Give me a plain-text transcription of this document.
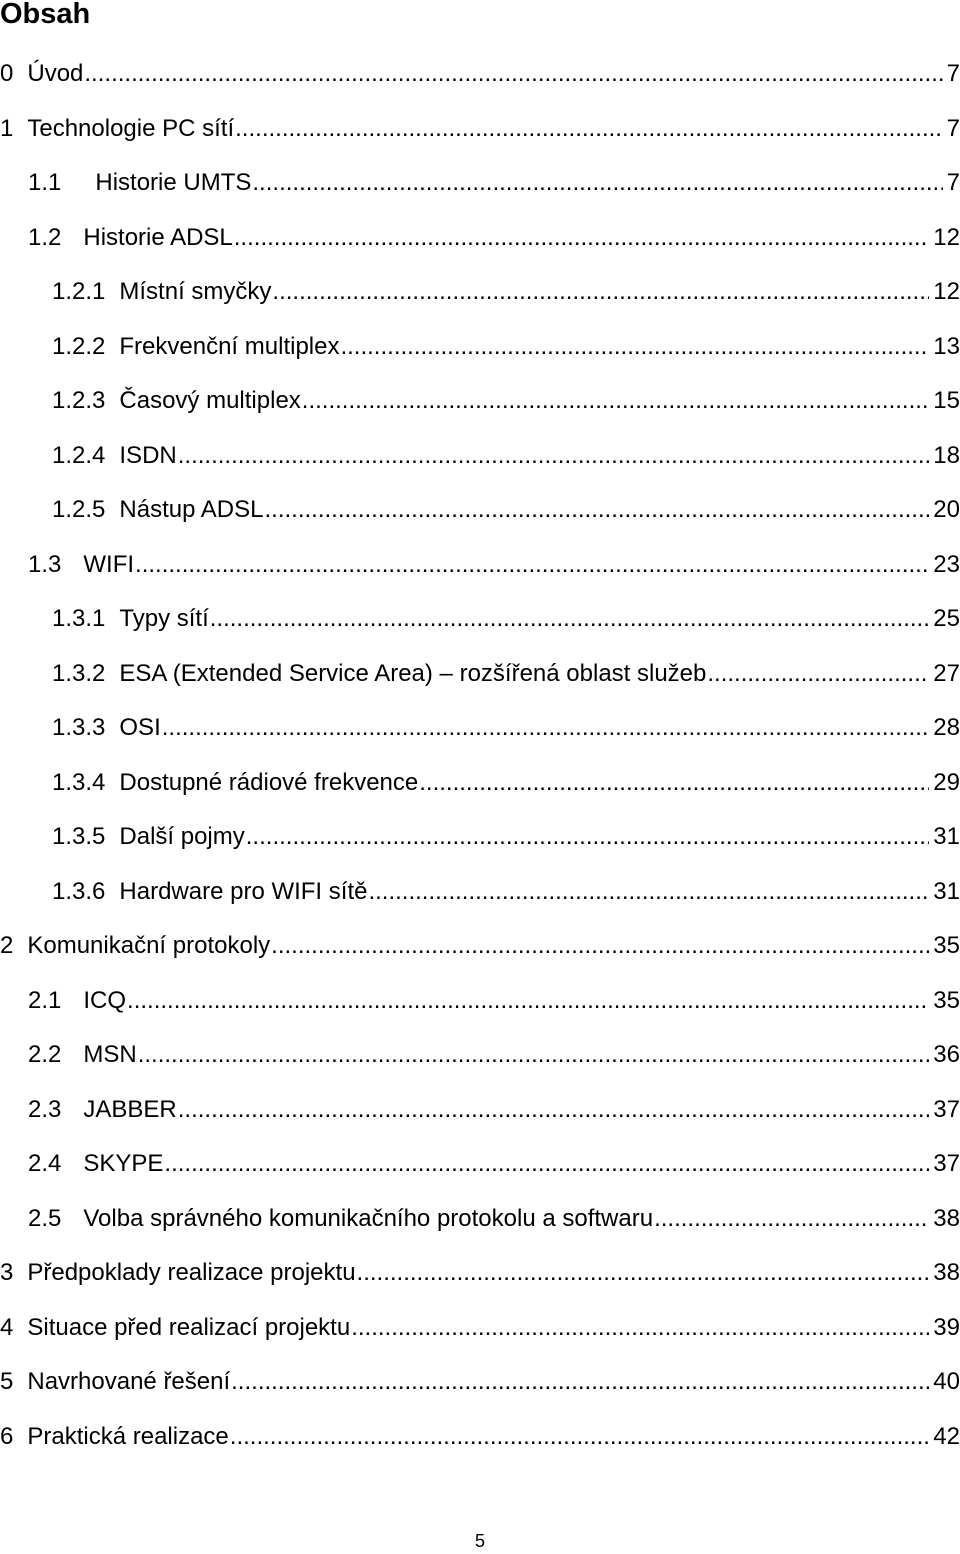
Obsah
0 Úvod .....	7
1 Technologie PC sítí .....	7
1.1 Historie UMTS .....	7
1.2 Historie ADSL .....	12
1.2.1 Místní smyčky .....	12
1.2.2 Frekvenční multiplex .....	13
1.2.3 Časový multiplex .....	15
1.2.4 ISDN .....	18
1.2.5 Nástup ADSL .....	20
1.3 WIFI .....	23
1.3.1 Typy sítí .....	25
1.3.2 ESA (Extended Service Area) – rozšířená oblast služeb .....	27
1.3.3 OSI .....	28
1.3.4 Dostupné rádiové frekvence .....	29
1.3.5 Další pojmy .....	31
1.3.6 Hardware pro WIFI sítě .....	31
2 Komunikační protokoly .....	35
2.1 ICQ .....	35
2.2 MSN .....	36
2.3 JABBER .....	37
2.4 SKYPE .....	37
2.5 Volba správného komunikačního protokolu a softwaru .....	38
3 Předpoklady realizace projektu .....	38
4 Situace před realizací projektu .....	39
5 Navrhované řešení .....	40
6 Praktická realizace .....	42
5
